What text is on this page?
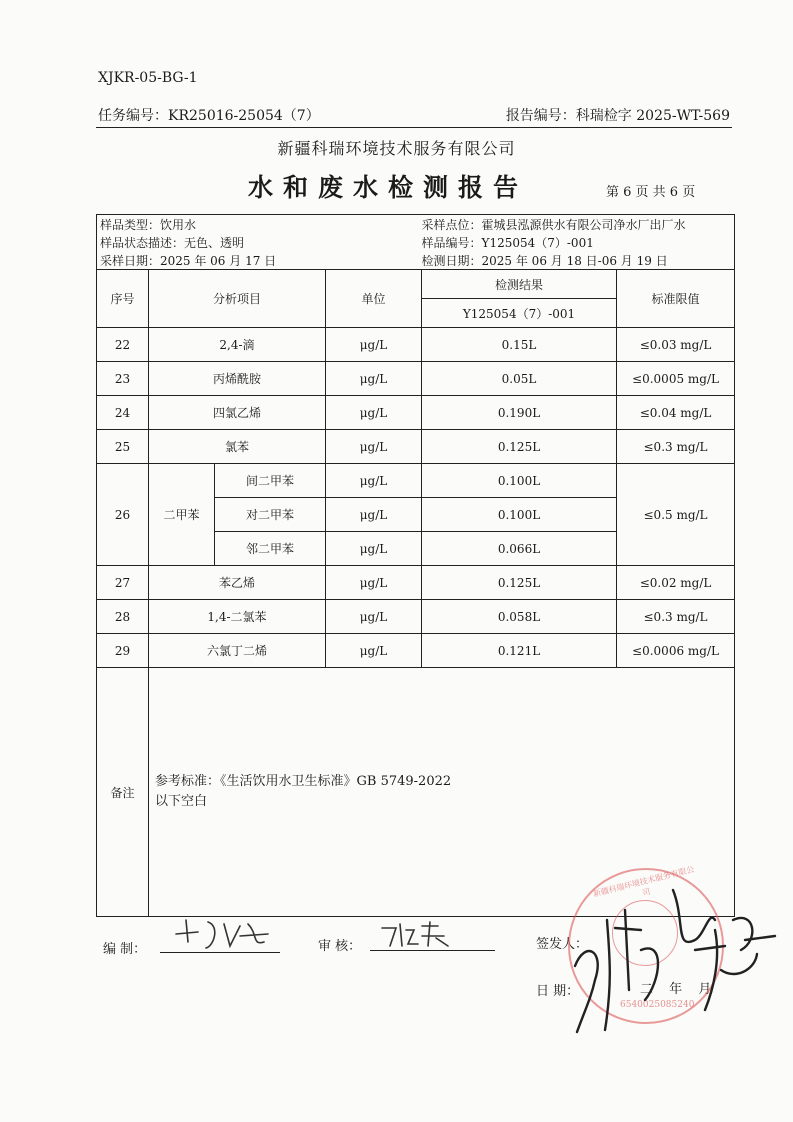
XJKR-05-BG-1
任务编号：KR25016-25054（7）	报告编号：科瑞检字 2025-WT-569
新疆科瑞环境技术服务有限公司
水和废水检测报告	第 6 页 共 6 页
样品类型：饮用水				采样点位：霍城县泓源供水有限公司净水厂出厂水	
样品状态描述：无色、透明				样品编号：Y125054（7）-001	
采样日期：2025 年 06 月 17 日				检测日期：2025 年 06 月 18 日-06 月 19 日	
序号	分析项目		单位	检测结果	标准限值
				Y125054（7）-001	
22	2,4-滴		μg/L	0.15L	≤0.03 mg/L
23	丙烯酰胺		μg/L	0.05L	≤0.0005 mg/L
24	四氯乙烯		μg/L	0.190L	≤0.04 mg/L
25	氯苯		μg/L	0.125L	≤0.3 mg/L
26	二甲苯	间二甲苯	μg/L	0.100L	≤0.5 mg/L
		对二甲苯	μg/L	0.100L	
		邻二甲苯	μg/L	0.066L	
27	苯乙烯		μg/L	0.125L	≤0.02 mg/L
28	1,4-二氯苯		μg/L	0.058L	≤0.3 mg/L
29	六氯丁二烯		μg/L	0.121L	≤0.0006 mg/L
备注	参考标准：《生活饮用水卫生标准》GB 5749-2022
以下空白				
编 制：	审 核：	签发人：
日 期：	二 年 月
新疆科瑞环境技术服务有限公司
6540025085240
